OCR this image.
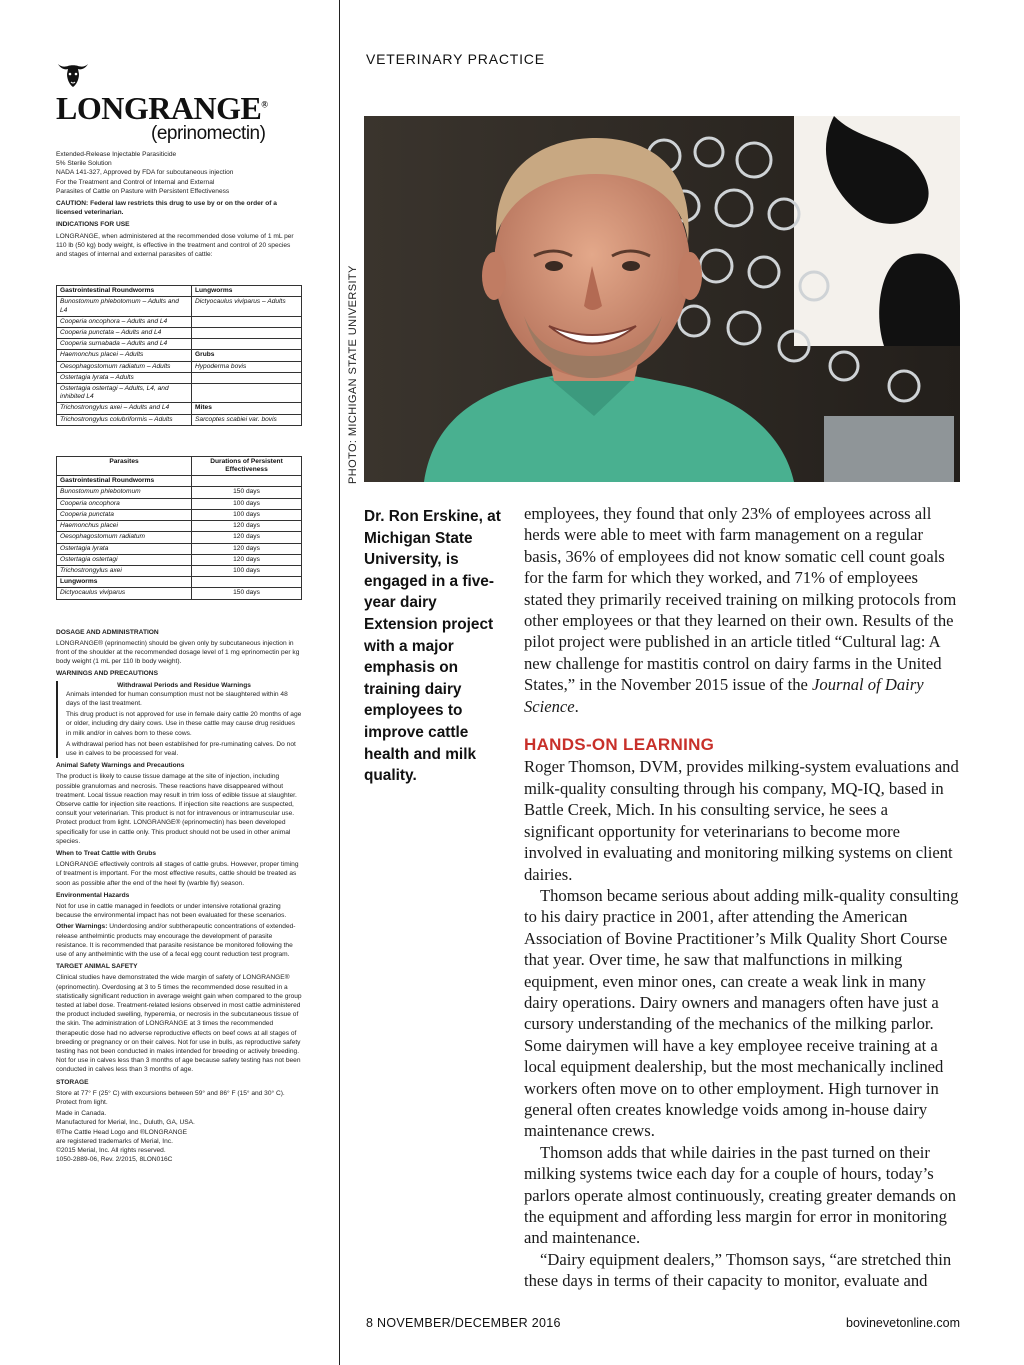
LONGRANGE®
(eprinomectin)
Extended-Release Injectable Parasiticide
5% Sterile Solution
NADA 141-327, Approved by FDA for subcutaneous injection
For the Treatment and Control of Internal and External
Parasites of Cattle on Pasture with Persistent Effectiveness

CAUTION: Federal law restricts this drug to use by or on the order of a licensed veterinarian.

INDICATIONS FOR USE

LONGRANGE, when administered at the recommended dose volume of 1 mL per 110 lb (50 kg) body weight, is effective in the treatment and control of 20 species and stages of internal and external parasites of cattle:

Gastrointestinal Roundworms	Lungworms
Bunostomum phlebotomum – Adults and L4	Dictyocaulus viviparus – Adults
Cooperia oncophora – Adults and L4	
Cooperia punctata – Adults and L4	
Cooperia surnabada – Adults and L4	
Haemonchus placei – Adults	Grubs
Oesophagostomum radiatum – Adults	Hypoderma bovis
Ostertagia lyrata – Adults	
Ostertagia ostertagi – Adults, L4, and inhibited L4	
Trichostrongylus axei – Adults and L4	Mites
Trichostrongylus colubriformis – Adults	Sarcoptes scabiei var. bovis
Parasites	Durations of Persistent Effectiveness
Gastrointestinal Roundworms	
Bunostomum phlebotomum	150 days
Cooperia oncophora	100 days
Cooperia punctata	100 days
Haemonchus placei	120 days
Oesophagostomum radiatum	120 days
Ostertagia lyrata	120 days
Ostertagia ostertagi	120 days
Trichostrongylus axei	100 days
Lungworms	
Dictyocaulus viviparus	150 days

DOSAGE AND ADMINISTRATION

LONGRANGE® (eprinomectin) should be given only by subcutaneous injection in front of the shoulder at the recommended dosage level of 1 mg eprinomectin per kg body weight (1 mL per 110 lb body weight).

WARNINGS AND PRECAUTIONS

Withdrawal Periods and Residue Warnings

Animals intended for human consumption must not be slaughtered within 48 days of the last treatment.

This drug product is not approved for use in female dairy cattle 20 months of age or older, including dry dairy cows. Use in these cattle may cause drug residues in milk and/or in calves born to these cows.

A withdrawal period has not been established for pre-ruminating calves. Do not use in calves to be processed for veal.

Animal Safety Warnings and Precautions

The product is likely to cause tissue damage at the site of injection, including possible granulomas and necrosis. These reactions have disappeared without treatment. Local tissue reaction may result in trim loss of edible tissue at slaughter. Observe cattle for injection site reactions. If injection site reactions are suspected, consult your veterinarian. This product is not for intravenous or intramuscular use. Protect product from light. LONGRANGE® (eprinomectin) has been developed specifically for use in cattle only. This product should not be used in other animal species.

When to Treat Cattle with Grubs

LONGRANGE effectively controls all stages of cattle grubs. However, proper timing of treatment is important. For the most effective results, cattle should be treated as soon as possible after the end of the heel fly (warble fly) season.

Environmental Hazards

Not for use in cattle managed in feedlots or under intensive rotational grazing because the environmental impact has not been evaluated for these scenarios.

Other Warnings: Underdosing and/or subtherapeutic concentrations of extended-release anthelmintic products may encourage the development of parasite resistance. It is recommended that parasite resistance be monitored following the use of any anthelmintic with the use of a fecal egg count reduction test program.

TARGET ANIMAL SAFETY

Clinical studies have demonstrated the wide margin of safety of LONGRANGE® (eprinomectin). Overdosing at 3 to 5 times the recommended dose resulted in a statistically significant reduction in average weight gain when compared to the group tested at label dose. Treatment-related lesions observed in most cattle administered the product included swelling, hyperemia, or necrosis in the subcutaneous tissue of the skin. The administration of LONGRANGE at 3 times the recommended therapeutic dose had no adverse reproductive effects on beef cows at all stages of breeding or pregnancy or on their calves. Not for use in bulls, as reproductive safety testing has not been conducted in males intended for breeding or actively breeding. Not for use in calves less than 3 months of age because safety testing has not been conducted in calves less than 3 months of age.

STORAGE

Store at 77° F (25° C) with excursions between 59° and 86° F (15° and 30° C). Protect from light.

Made in Canada.
Manufactured for Merial, Inc., Duluth, GA, USA.
®The Cattle Head Logo and ®LONGRANGE
are registered trademarks of Merial, Inc.
©2015 Merial, Inc. All rights reserved.
1050-2889-06, Rev. 2/2015, 8LON016C
VETERINARY PRACTICE
PHOTO: MICHIGAN STATE UNIVERSITY
Dr. Ron Erskine, at Michigan State University, is engaged in a five-year dairy Extension project with a major emphasis on training dairy employees to improve cattle health and milk quality.

employees, they found that only 23% of employees across all herds were able to meet with farm management on a regular basis, 36% of employees did not know somatic cell count goals for the farm for which they worked, and 71% of employees stated they primarily received training on milking protocols from other employees or that they learned on their own. Results of the pilot project were published in an article titled “Cultural lag: A new challenge for mastitis control on dairy farms in the United States,” in the November 2015 issue of the Journal of Dairy Science.

HANDS-ON LEARNING

Roger Thomson, DVM, provides milking-system evaluations and milk-quality consulting through his company, MQ-IQ, based in Battle Creek, Mich. In his consulting service, he sees a significant opportunity for veterinarians to become more involved in evaluating and monitoring milking systems on client dairies.

Thomson became serious about adding milk-quality consulting to his dairy practice in 2001, after attending the American Association of Bovine Practitioner’s Milk Quality Short Course that year. Over time, he saw that malfunctions in milking equipment, even minor ones, can create a weak link in many dairy operations. Dairy owners and managers often have just a cursory understanding of the mechanics of the milking parlor. Some dairymen will have a key employee receive training at a local equipment dealership, but the most mechanically inclined workers often move on to other employment. High turnover in general often creates knowledge voids among in-house dairy maintenance crews.

Thomson adds that while dairies in the past turned on their milking systems twice each day for a couple of hours, today’s parlors operate almost continuously, creating greater demands on the equipment and affording less margin for error in monitoring and maintenance.

“Dairy equipment dealers,” Thomson says, “are stretched thin these days in terms of their capacity to monitor, evaluate and

8 NOVEMBER/DECEMBER 2016	bovinevetonline.com
